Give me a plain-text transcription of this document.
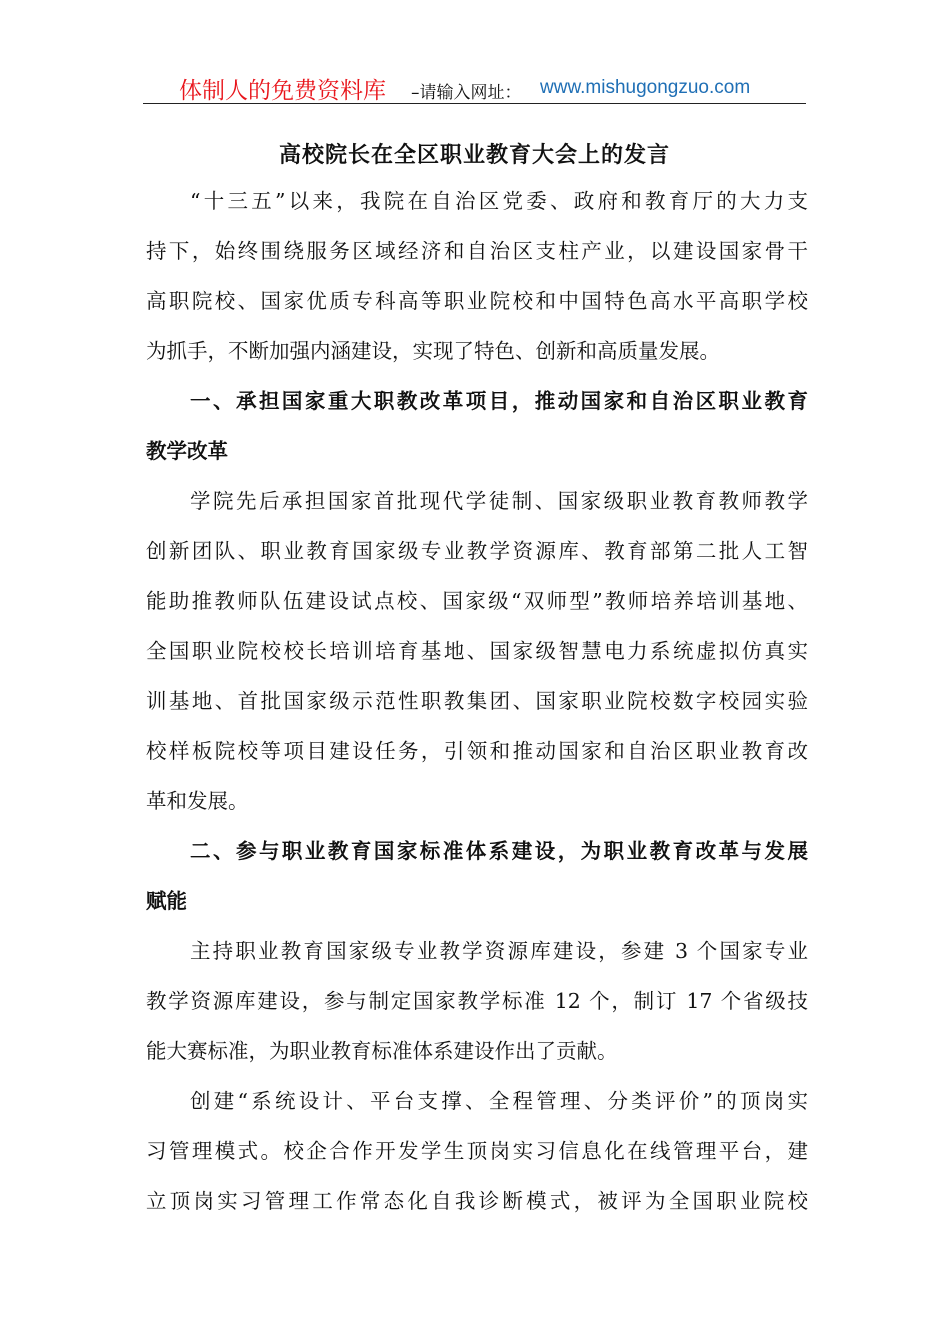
体制人的免费资料库 –请输入网址： www.mishugongzuo.com
高校院长在全区职业教育大会上的发言
“十三五”以来，我院在自治区党委、政府和教育厅的大力支
持下，始终围绕服务区域经济和自治区支柱产业，以建设国家骨干
高职院校、国家优质专科高等职业院校和中国特色高水平高职学校
为抓手，不断加强内涵建设，实现了特色、创新和高质量发展。
一、承担国家重大职教改革项目，推动国家和自治区职业教育
教学改革
学院先后承担国家首批现代学徒制、国家级职业教育教师教学
创新团队、职业教育国家级专业教学资源库、教育部第二批人工智
能助推教师队伍建设试点校、国家级“双师型”教师培养培训基地、
全国职业院校校长培训培育基地、国家级智慧电力系统虚拟仿真实
训基地、首批国家级示范性职教集团、国家职业院校数字校园实验
校样板院校等项目建设任务，引领和推动国家和自治区职业教育改
革和发展。
二、参与职业教育国家标准体系建设，为职业教育改革与发展
赋能
主持职业教育国家级专业教学资源库建设，参建 3 个国家专业
教学资源库建设，参与制定国家教学标准 12 个，制订 17 个省级技
能大赛标准，为职业教育标准体系建设作出了贡献。
创建“系统设计、平台支撑、全程管理、分类评价”的顶岗实
习管理模式。校企合作开发学生顶岗实习信息化在线管理平台，建
立顶岗实习管理工作常态化自我诊断模式，被评为全国职业院校
